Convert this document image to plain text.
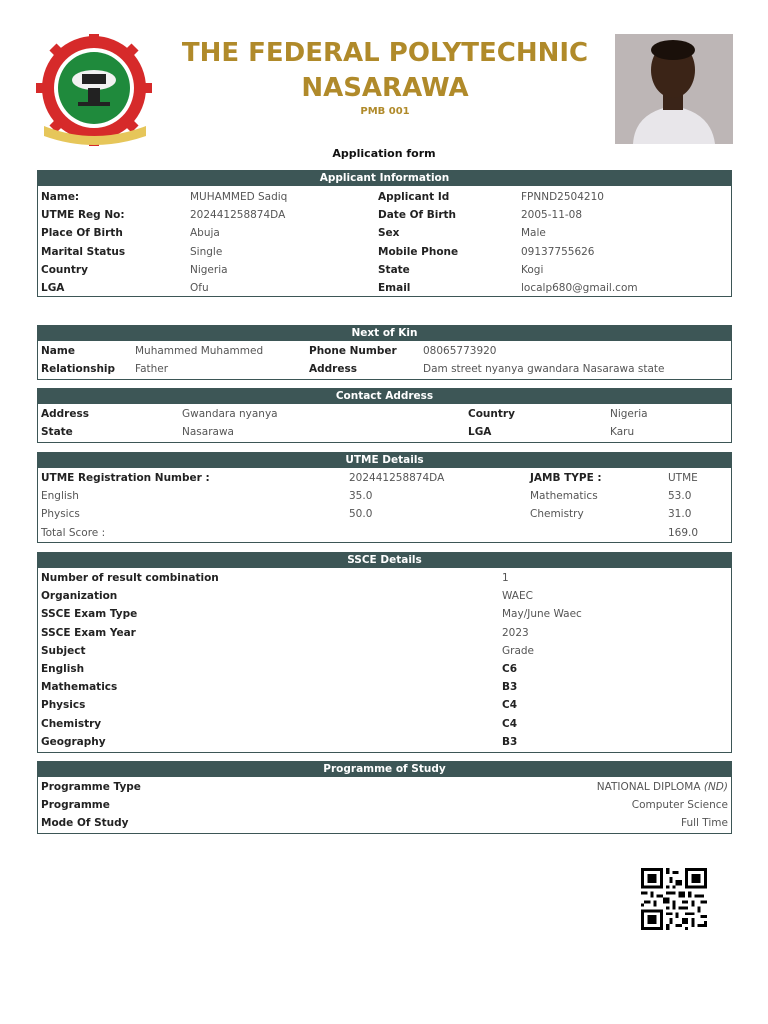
THE FEDERAL POLYTECHNIC
NASARAWA
PMB 001
Application form
Applicant Information
Name:	MUHAMMED Sadiq	Applicant Id	FPNND2504210
UTME Reg No:	202441258874DA	Date Of Birth	2005-11-08
Place Of Birth	Abuja	Sex	Male
Marital Status	Single	Mobile Phone	09137755626
Country	Nigeria	State	Kogi
LGA	Ofu	Email	localp680@gmail.com
Next of Kin
Name	Muhammed Muhammed	Phone Number	08065773920
Relationship Father	Address	Dam street nyanya gwandara Nasarawa state
Contact Address
Address	Gwandara nyanya	Country	Nigeria
State	Nasarawa	LGA	Karu
UTME Details
UTME Registration Number :	202441258874DA	JAMB TYPE :	UTME
English	35.0	Mathematics	53.0
Physics	50.0	Chemistry	31.0
Total Score :	169.0
SSCE Details
Number of result combination	1
Organization	WAEC
SSCE Exam Type	May/June Waec
SSCE Exam Year	2023
Subject	Grade
English	C6
Mathematics	B3
Physics	C4
Chemistry	C4
Geography	B3
Programme of Study
Programme Type	NATIONAL DIPLOMA (ND)
Programme	Computer Science
Mode Of Study	Full Time
